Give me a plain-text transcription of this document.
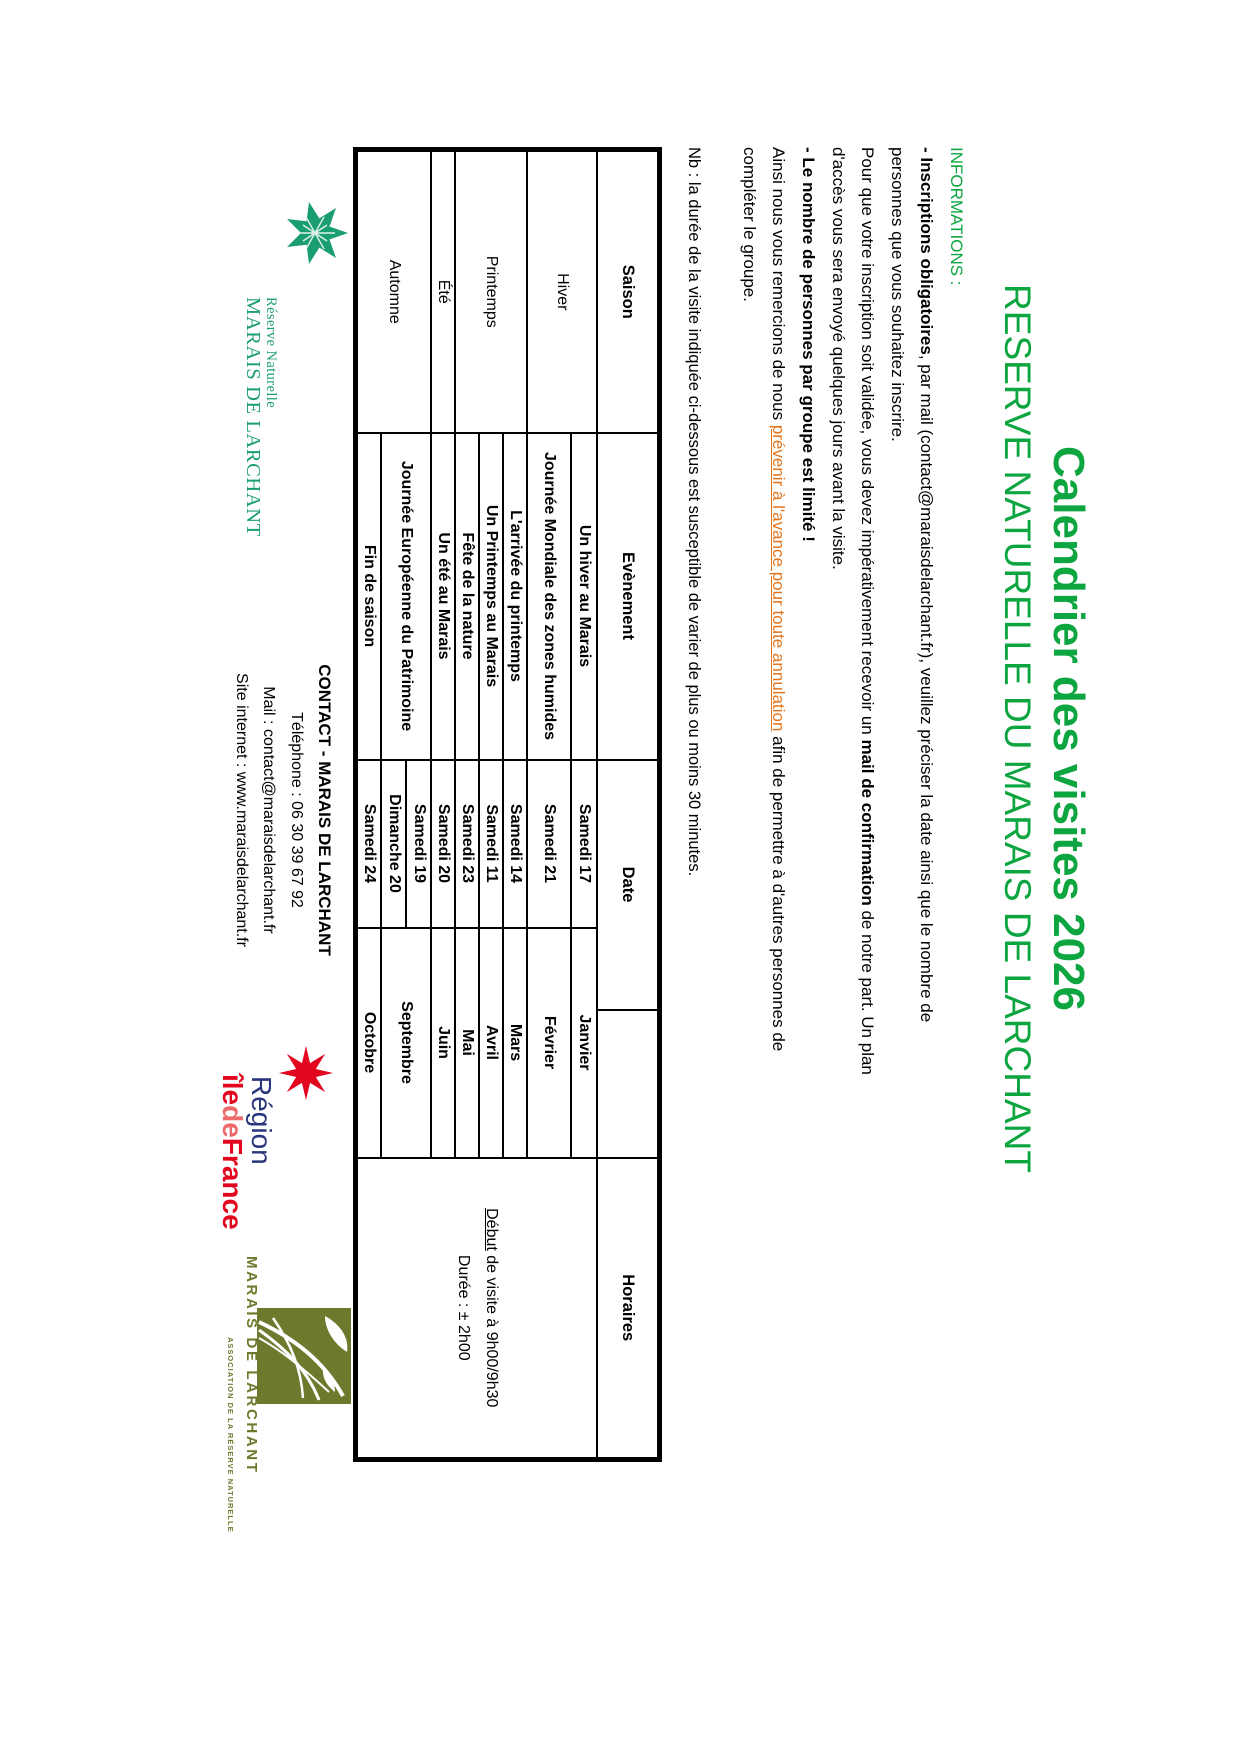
Calendrier des visites 2026
RESERVE NATURELLE DU MARAIS DE LARCHANT
INFORMATIONS :
- Inscriptions obligatoires, par mail (contact@maraisdelarchant.fr), veuillez préciser la date ainsi que le nombre de
personnes que vous souhaitez inscrire.
Pour que votre inscription soit validée, vous devez impérativement recevoir un mail de confirmation de notre part. Un plan
d'accès vous sera envoyé quelques jours avant la visite.
- Le nombre de personnes par groupe est limité !
Ainsi nous vous remercions de nous prévenir à l'avance pour toute annulation afin de permettre à d'autres personnes de
compléter le groupe.
Nb : la durée de la visite indiquée ci-dessous est susceptible de varier de plus ou moins 30 minutes.
Saison	Evènement	Date			Horaires
Hiver	Un hiver au Marais	Samedi 17	Janvier		Début de visite à 9h00/9h30
Durée : ± 2h00

	Journée Mondiale des zones humides	Samedi 21	Février		
Printemps	L'arrivée du printemps	Samedi 14	Mars		
	Un Printemps au Marais	Samedi 11	Avril		
	Fête de la nature	Samedi 23	Mai		
Été	Un été au Marais	Samedi 20	Juin		
Automne	Journée Européenne du Patrimoine	Samedi 19	Septembre		
		Dimanche 20			
	Fin de saison	Samedi 24	Octobre		
CONTACT - MARAIS DE LARCHANT
Téléphone : 06 30 39 67 92
Mail : contact@maraisdelarchant.fr
Site internet : www.maraisdelarchant.fr
Réserve Naturelle
MARAIS DE LARCHANT
Région
îledeFrance
MARAIS DE LARCHANT
ASSOCIATION DE LA RÉSERVE NATURELLE
